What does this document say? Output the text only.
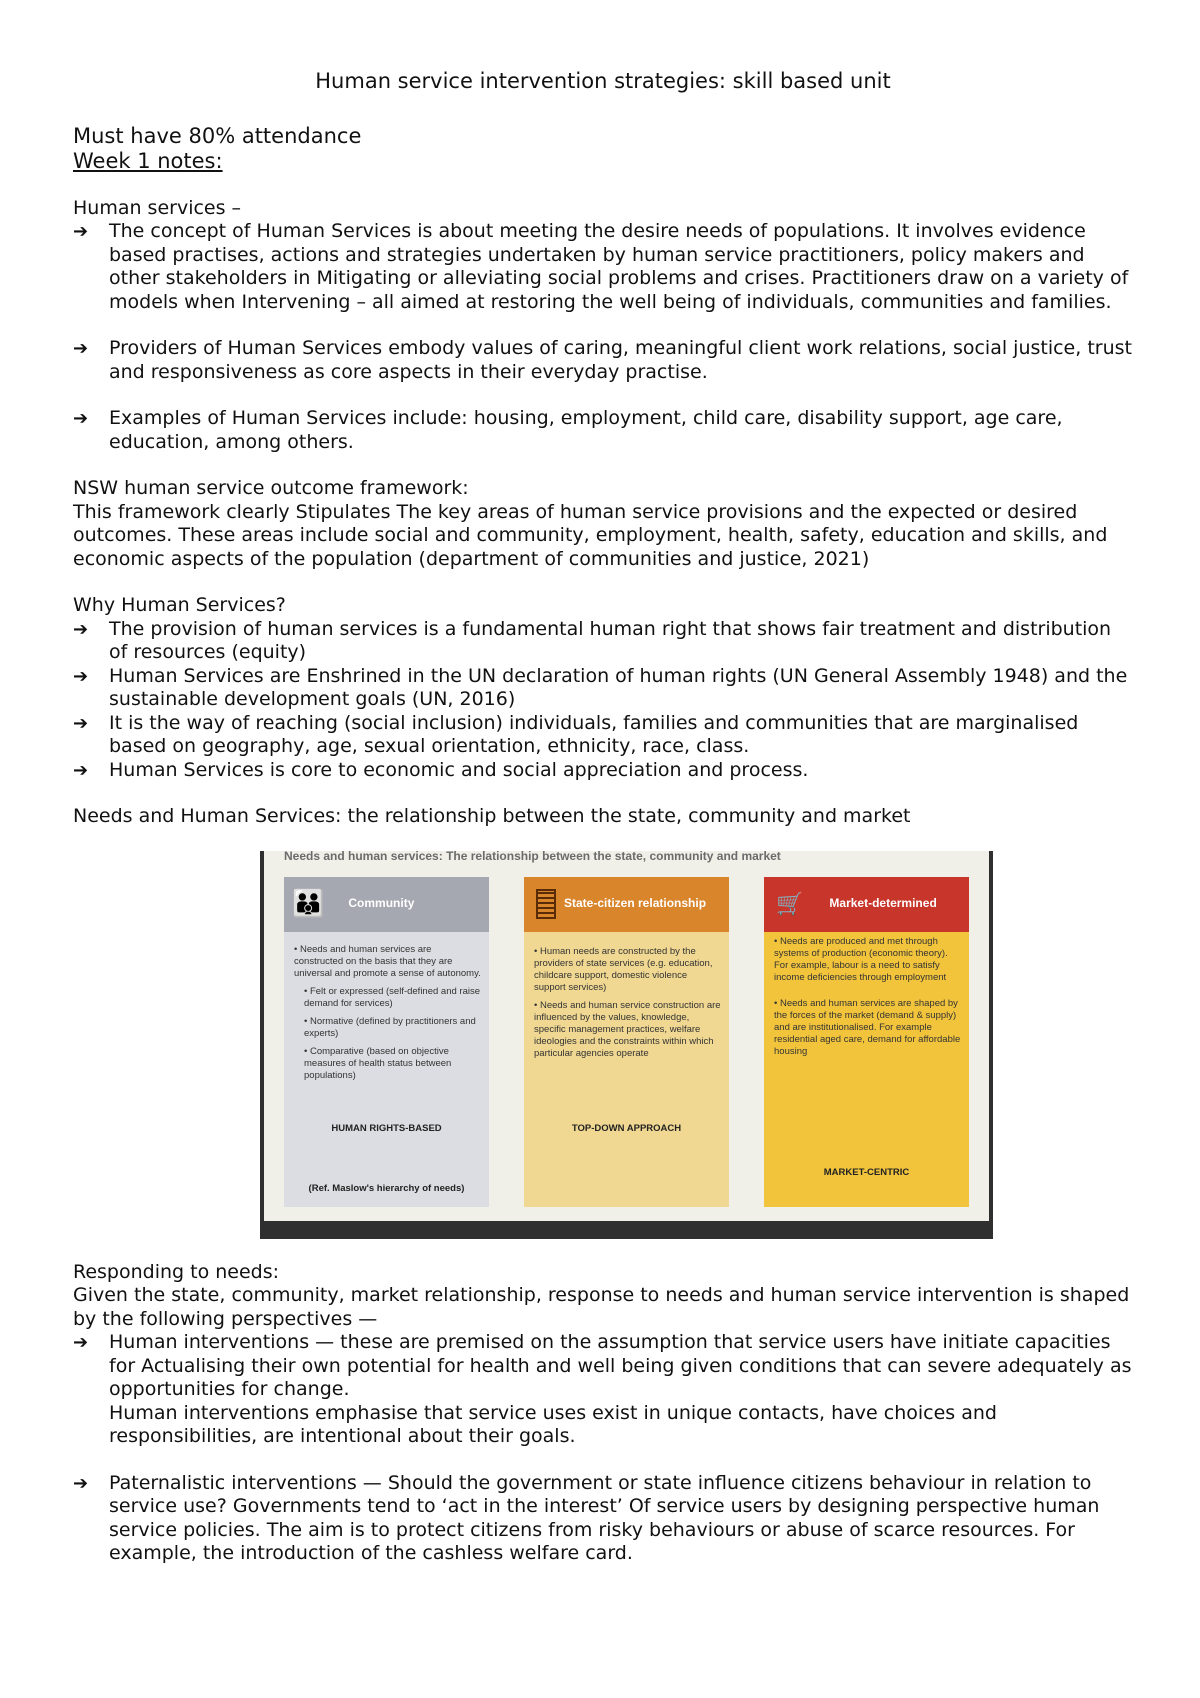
Human service intervention strategies: skill based unit
Must have 80% attendance
Week 1 notes:
Human services –
➔	The concept of Human Services is about meeting the desire needs of populations. It involves evidence based practises, actions and strategies undertaken by human service practitioners, policy makers and other stakeholders in Mitigating or alleviating social problems and crises. Practitioners draw on a variety of models when Intervening – all aimed at restoring the well being of individuals, communities and families.
➔	Providers of Human Services embody values of caring, meaningful client work relations, social justice, trust and responsiveness as core aspects in their everyday practise.
➔	Examples of Human Services include: housing, employment, child care, disability support, age care, education, among others.
NSW human service outcome framework:
This framework clearly Stipulates The key areas of human service provisions and the expected or desired outcomes. These areas include social and community, employment, health, safety, education and skills, and economic aspects of the population (department of communities and justice, 2021)
Why Human Services?
➔	The provision of human services is a fundamental human right that shows fair treatment and distribution of resources (equity)
➔	Human Services are Enshrined in the UN declaration of human rights (UN General Assembly 1948) and the sustainable development goals (UN, 2016)
➔	It is the way of reaching (social inclusion) individuals, families and communities that are marginalised based on geography, age, sexual orientation, ethnicity, race, class.
➔	Human Services is core to economic and social appreciation and process.
Needs and Human Services: the relationship between the state, community and market
Needs and human services: The relationship between the state, community and market
👪 Community

• Needs and human services are constructed on the basis that they are universal and promote a sense of autonomy.

• Felt or expressed (self-defined and raise demand for services)

• Normative (defined by practitioners and experts)

• Comparative (based on objective measures of health status between populations)

HUMAN RIGHTS-BASED
(Ref. Maslow's hierarchy of needs)
State-citizen relationship

• Human needs are constructed by the providers of state services (e.g. education, childcare support, domestic violence support services)

• Needs and human service construction are influenced by the values, knowledge, specific management practices, welfare ideologies and the constraints within which particular agencies operate

TOP-DOWN APPROACH
🛒 Market-determined

• Needs are produced and met through systems of production (economic theory). For example, labour is a need to satisfy income deficiencies through employment

• Needs and human services are shaped by the forces of the market (demand & supply) and are institutionalised. For example residential aged care, demand for affordable housing

MARKET-CENTRIC
Responding to needs:
Given the state, community, market relationship, response to needs and human service intervention is shaped by the following perspectives —
➔	Human interventions — these are premised on the assumption that service users have initiate capacities for Actualising their own potential for health and well being given conditions that can severe adequately as opportunities for change.
Human interventions emphasise that service uses exist in unique contacts, have choices and responsibilities, are intentional about their goals.
➔	Paternalistic interventions — Should the government or state influence citizens behaviour in relation to service use? Governments tend to ‘act in the interest’ Of service users by designing perspective human service policies. The aim is to protect citizens from risky behaviours or abuse of scarce resources. For example, the introduction of the cashless welfare card.
